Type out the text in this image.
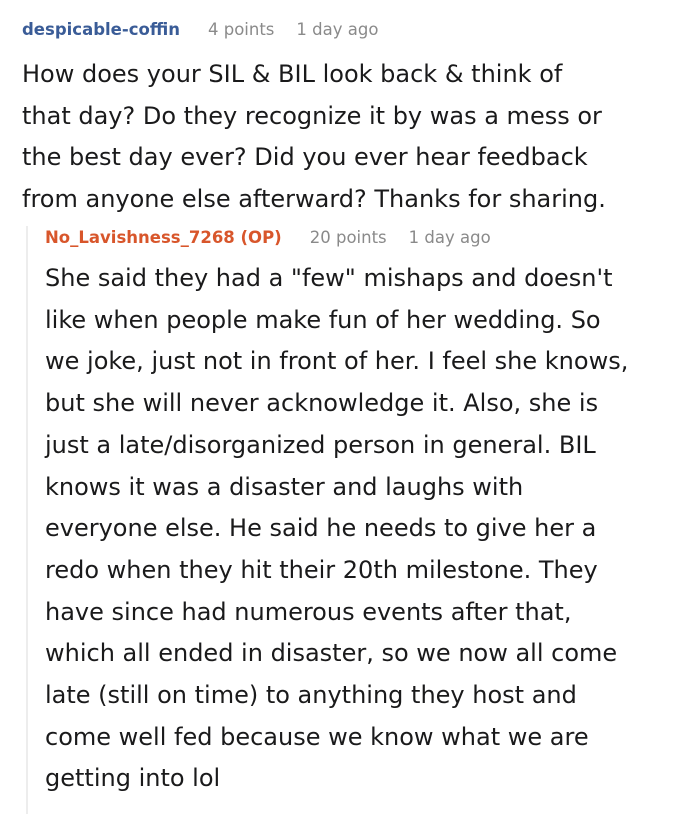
despicable-coffin 4 points 1 day ago
How does your SIL & BIL look back & think of
that day? Do they recognize it by was a mess or
the best day ever? Did you ever hear feedback
from anyone else afterward? Thanks for sharing.
No_Lavishness_7268 (OP) 20 points 1 day ago
She said they had a "few" mishaps and doesn't
like when people make fun of her wedding. So
we joke, just not in front of her. I feel she knows,
but she will never acknowledge it. Also, she is
just a late/disorganized person in general. BIL
knows it was a disaster and laughs with
everyone else. He said he needs to give her a
redo when they hit their 20th milestone. They
have since had numerous events after that,
which all ended in disaster, so we now all come
late (still on time) to anything they host and
come well fed because we know what we are
getting into lol
